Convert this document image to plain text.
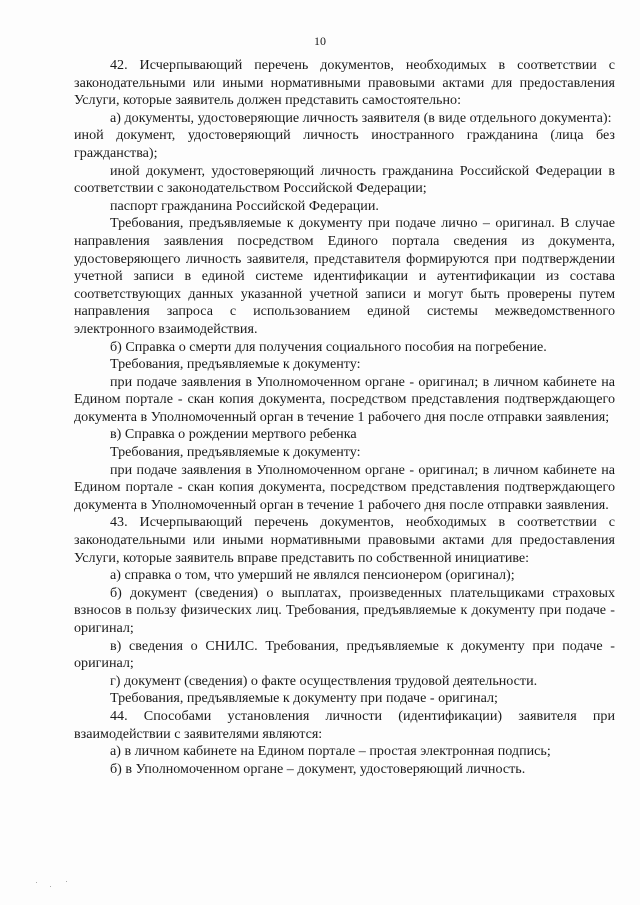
10

42. Исчерпывающий перечень документов, необходимых в соответствии с законодательными или иными нормативными правовыми актами для предоставления Услуги, которые заявитель должен представить самостоятельно:

а) документы, удостоверяющие личность заявителя (в виде отдельного документа):

иной документ, удостоверяющий личность иностранного гражданина (лица без гражданства);

иной документ, удостоверяющий личность гражданина Российской Федерации в соответствии с законодательством Российской Федерации;

паспорт гражданина Российской Федерации.

Требования, предъявляемые к документу при подаче лично – оригинал. В случае направления заявления посредством Единого портала сведения из документа, удостоверяющего личность заявителя, представителя формируются при подтверждении учетной записи в единой системе идентификации и аутентификации из состава соответствующих данных указанной учетной записи и могут быть проверены путем направления запроса с использованием единой системы межведомственного электронного взаимодействия.

б) Справка о смерти для получения социального пособия на погребение.

Требования, предъявляемые к документу:

при подаче заявления в Уполномоченном органе - оригинал; в личном кабинете на Едином портале - скан копия документа, посредством представления подтверждающего документа в Уполномоченный орган в течение 1 рабочего дня после отправки заявления;

в) Справка о рождении мертвого ребенка

Требования, предъявляемые к документу:

при подаче заявления в Уполномоченном органе - оригинал; в личном кабинете на Едином портале - скан копия документа, посредством представления подтверждающего документа в Уполномоченный орган в течение 1 рабочего дня после отправки заявления.

43. Исчерпывающий перечень документов, необходимых в соответствии с законодательными или иными нормативными правовыми актами для предоставления Услуги, которые заявитель вправе представить по собственной инициативе:

а) справка о том, что умерший не являлся пенсионером (оригинал);

б) документ (сведения) о выплатах, произведенных плательщиками страховых взносов в пользу физических лиц. Требования, предъявляемые к документу при подаче - оригинал;

в) сведения о СНИЛС. Требования, предъявляемые к документу при подаче - оригинал;

г) документ (сведения) о факте осуществления трудовой деятельности.

Требования, предъявляемые к документу при подаче - оригинал;

44. Способами установления личности (идентификации) заявителя при взаимодействии с заявителями являются:

а) в личном кабинете на Едином портале – простая электронная подпись;

б) в Уполномоченном органе – документ, удостоверяющий личность.
